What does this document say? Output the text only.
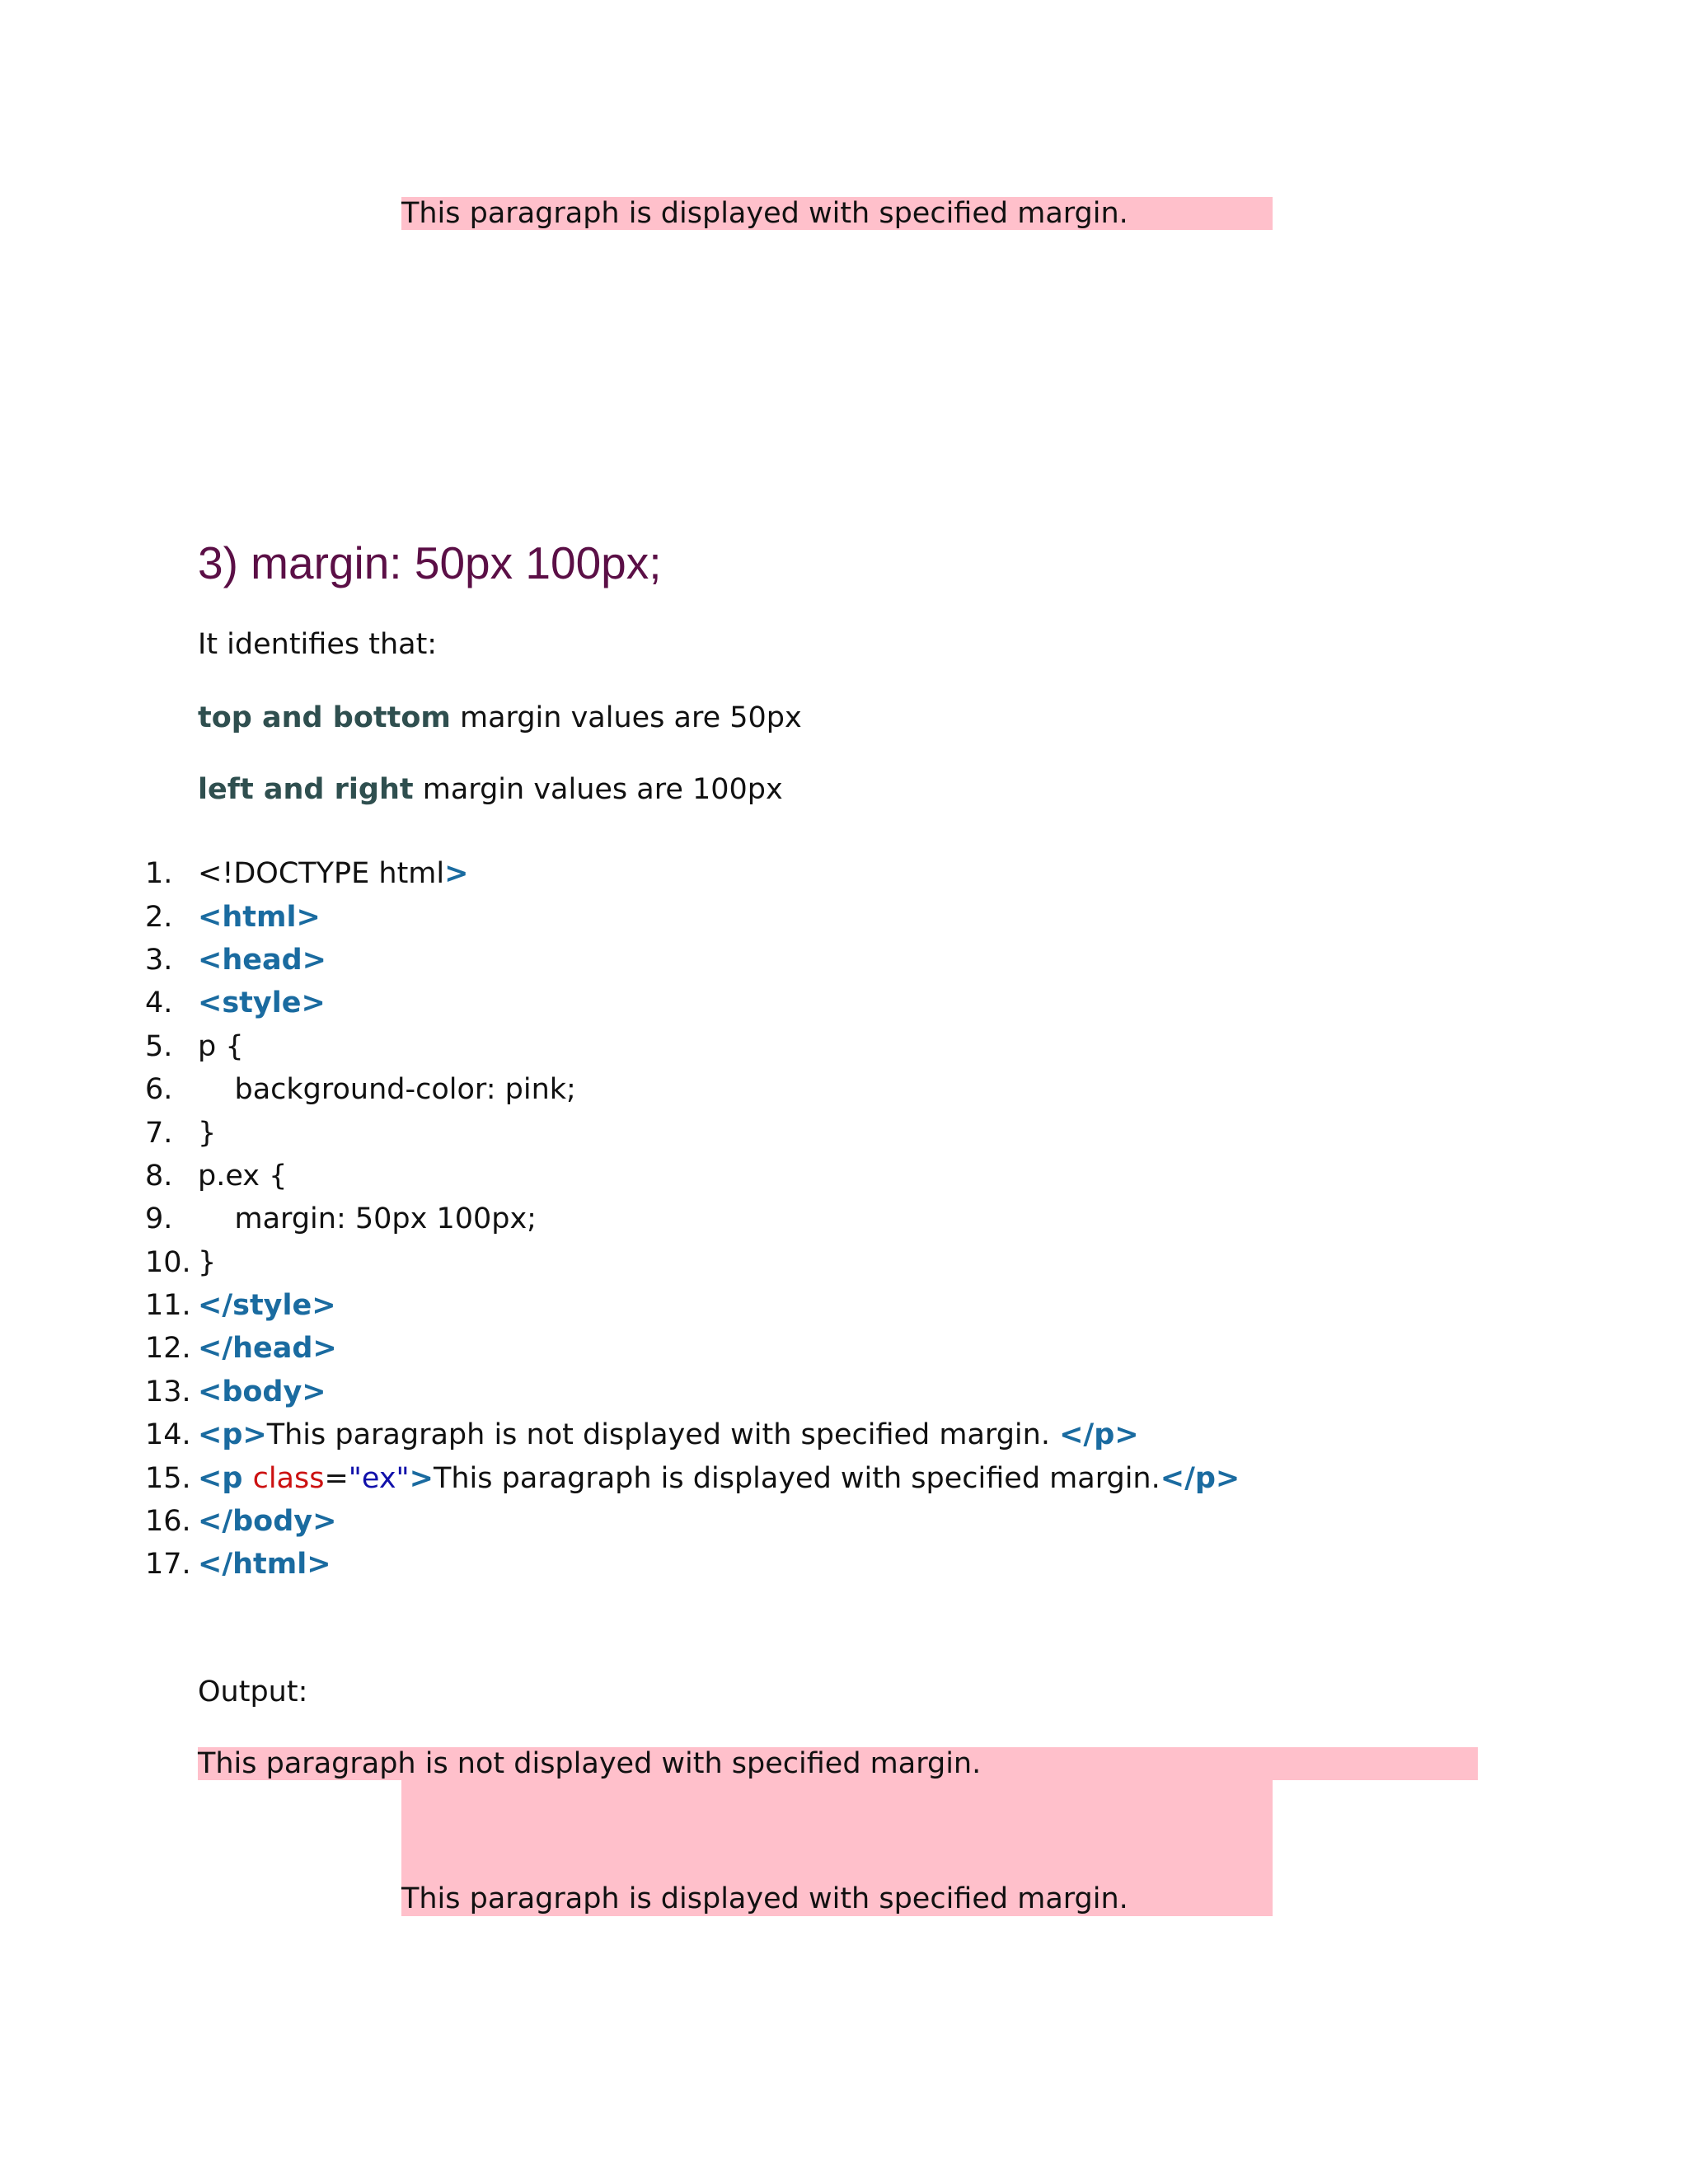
This paragraph is displayed with specified margin.
3) margin: 50px 100px;
It identifies that:
top and bottom margin values are 50px
left and right margin values are 100px
1. <!DOCTYPE html>
2. <html>
3. <head>
4. <style>
5. p {
6. background-color: pink;
7. }
8. p.ex {
9. margin: 50px 100px;
10. }
11. </style>
12. </head>
13. <body>
14. <p>This paragraph is not displayed with specified margin. </p>
15. <p class="ex">This paragraph is displayed with specified margin.</p>
16. </body>
17. </html>
Output:
This paragraph is not displayed with specified margin.
This paragraph is displayed with specified margin.
